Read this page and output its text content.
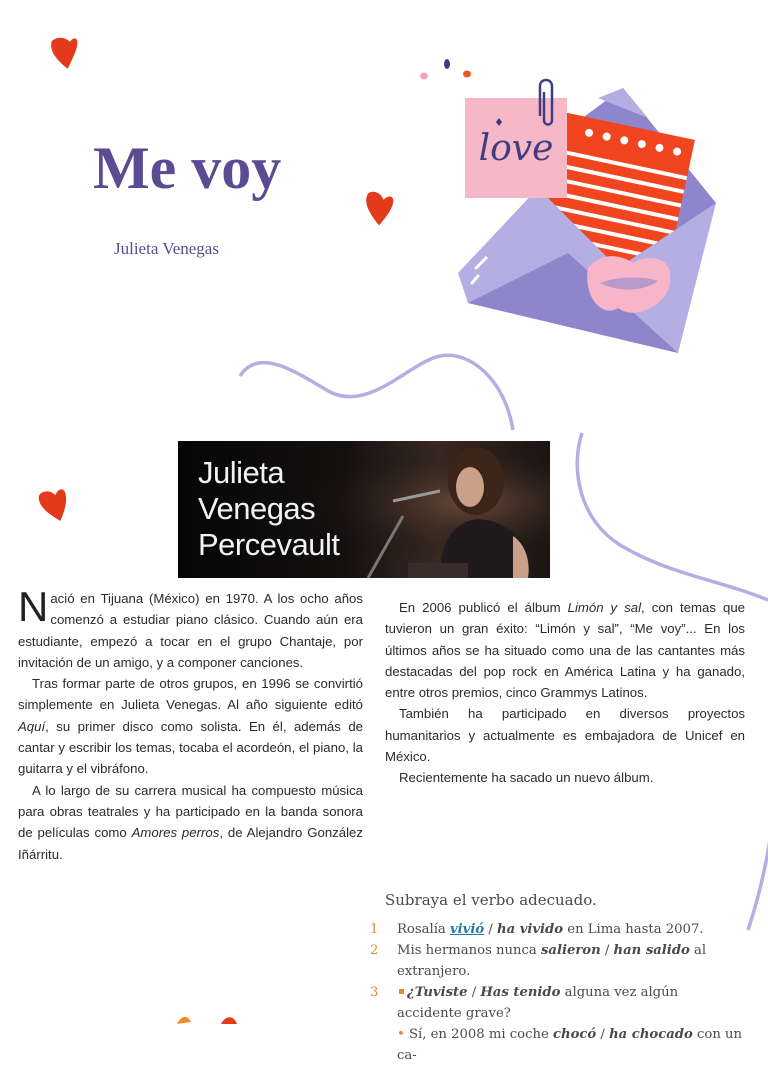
Me voy
Julieta Venegas
love
Julieta
Venegas
Percevault

Nació en Tijuana (México) en 1970. A los ocho años comenzó a estudiar piano clásico. Cuando aún era estudiante, empezó a tocar en el grupo Chantaje, por invitación de un amigo, y a componer canciones.

Tras formar parte de otros grupos, en 1996 se convirtió simplemente en Julieta Venegas. Al año siguiente editó Aquí, su primer disco como solista. En él, además de cantar y escribir los temas, tocaba el acordeón, el piano, la guitarra y el vibráfono.

A lo largo de su carrera musical ha compuesto música para obras teatrales y ha participado en la banda sonora de películas como Amores perros, de Alejandro González Iñárritu.

En 2006 publicó el álbum Limón y sal, con temas que tuvieron un gran éxito: “Limón y sal”, “Me voy”... En los últimos años se ha situado como una de las cantantes más destacadas del pop rock en América Latina y ha ganado, entre otros premios, cinco Grammys Latinos.

También ha participado en diversos proyectos humanitarios y actualmente es embajadora de Unicef en México.

Recientemente ha sacado un nuevo álbum.

Subraya el verbo adecuado.
1 Rosalía vivió / ha vivido en Lima hasta 2007.
2 Mis hermanos nunca salieron / han salido al extranjero.
3 ¿Tuviste / Has tenido alguna vez algún accidente grave?
• Sí, en 2008 mi coche chocó / ha chocado con un ca-
